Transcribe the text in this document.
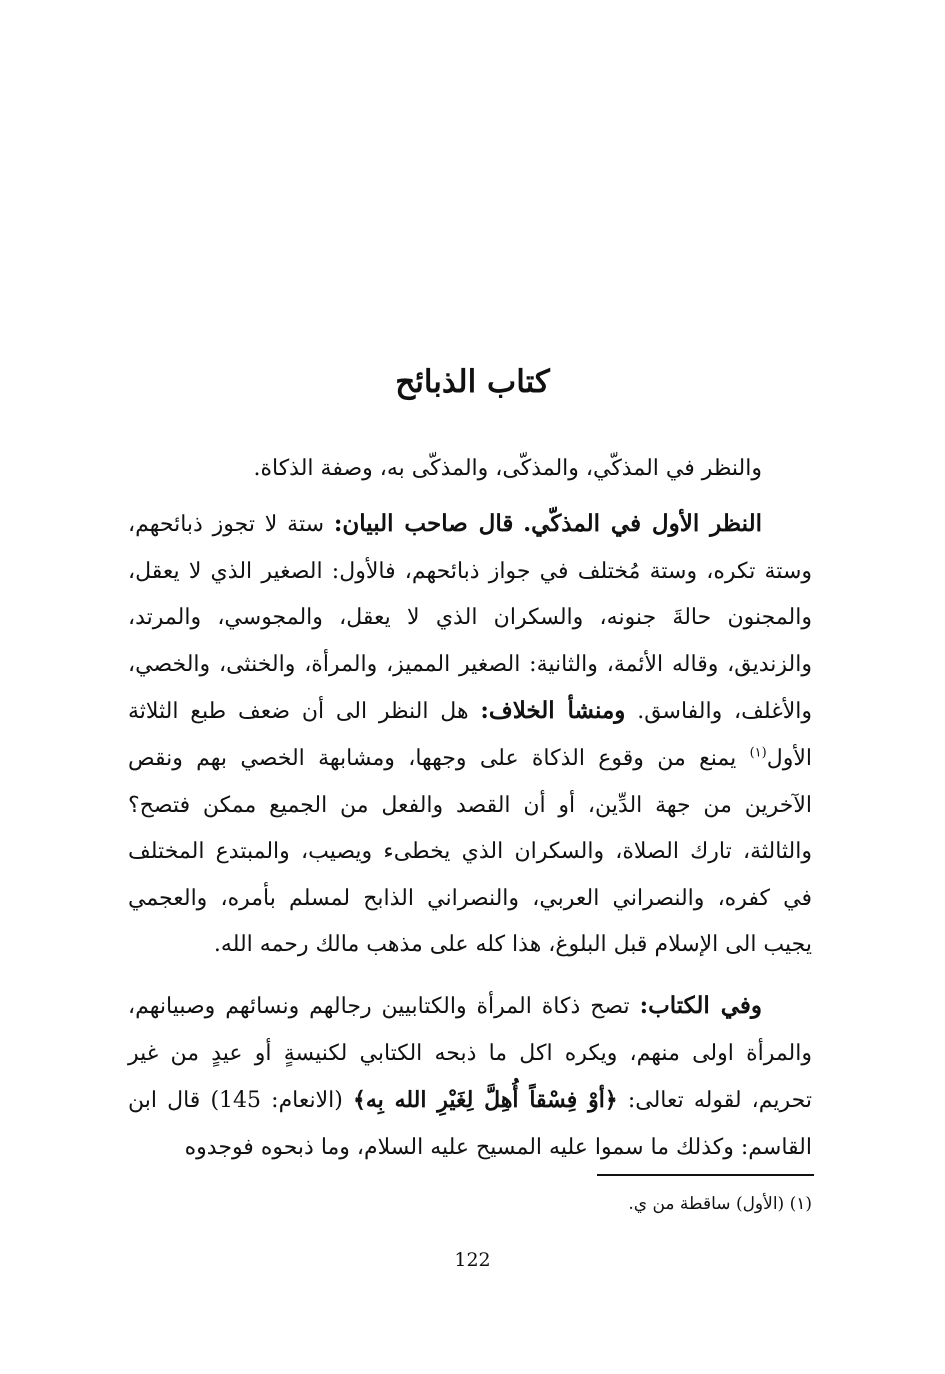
كتاب الذبائح
والنظر في المذكّي، والمذكّى، والمذكّى به، وصفة الذكاة.
النظر الأول في المذكّي. قال صاحب البيان: ستة لا تجوز ذبائحهم، وستة تكره، وستة مُختلف في جواز ذبائحهم، فالأول: الصغير الذي لا يعقل، والمجنون حالةَ جنونه، والسكران الذي لا يعقل، والمجوسي، والمرتد، والزنديق، وقاله الأئمة، والثانية: الصغير المميز، والمرأة، والخنثى، والخصي، والأغلف، والفاسق. ومنشأ الخلاف: هل النظر الى أن ضعف طبع الثلاثة الأول$^{(١)}$ يمنع من وقوع الذكاة على وجهها، ومشابهة الخصي بهم ونقص الآخرين من جهة الدِّين، أو أن القصد والفعل من الجميع ممكن فتصح؟ والثالثة، تارك الصلاة، والسكران الذي يخطىء ويصيب، والمبتدع المختلف في كفره، والنصراني العربي، والنصراني الذابح لمسلم بأمره، والعجمي يجيب الى الإسلام قبل البلوغ، هذا كله على مذهب مالك رحمه الله.
وفي الكتاب: تصح ذكاة المرأة والكتابيين رجالهم ونسائهم وصبيانهم، والمرأة اولى منهم، ويكره اكل ما ذبحه الكتابي لكنيسةٍ أو عيدٍ من غير تحريم، لقوله تعالى: ﴿أوْ فِسْقاً أُهِلَّ لِغَيْرِ الله بِه﴾ (الانعام: 145) قال ابن القاسم: وكذلك ما سموا عليه المسيح عليه السلام، وما ذبحوه فوجدوه
(١) (الأول) ساقطة من ي.
122
